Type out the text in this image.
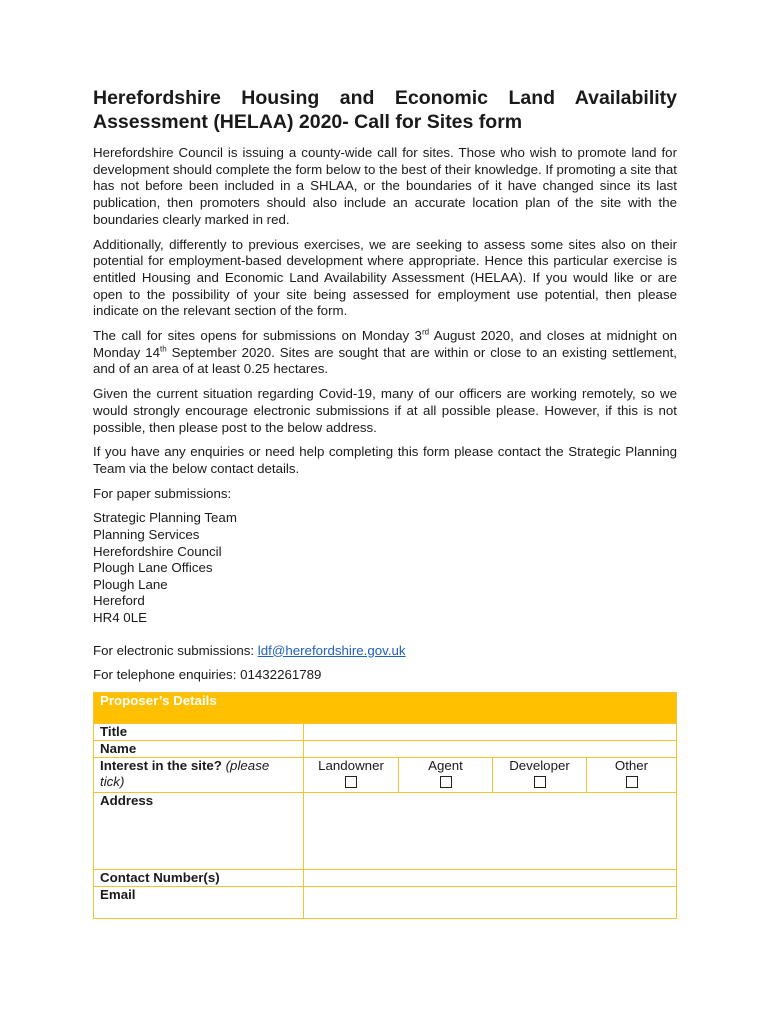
Herefordshire Housing and Economic Land Availability Assessment (HELAA) 2020- Call for Sites form

Herefordshire Council is issuing a county-wide call for sites. Those who wish to promote land for development should complete the form below to the best of their knowledge. If promoting a site that has not before been included in a SHLAA, or the boundaries of it have changed since its last publication, then promoters should also include an accurate location plan of the site with the boundaries clearly marked in red.

Additionally, differently to previous exercises, we are seeking to assess some sites also on their potential for employment-based development where appropriate. Hence this particular exercise is entitled Housing and Economic Land Availability Assessment (HELAA). If you would like or are open to the possibility of your site being assessed for employment use potential, then please indicate on the relevant section of the form.

The call for sites opens for submissions on Monday 3rd August 2020, and closes at midnight on Monday 14th September 2020. Sites are sought that are within or close to an existing settlement, and of an area of at least 0.25 hectares.

Given the current situation regarding Covid-19, many of our officers are working remotely, so we would strongly encourage electronic submissions if at all possible please. However, if this is not possible, then please post to the below address.

If you have any enquiries or need help completing this form please contact the Strategic Planning Team via the below contact details.

For paper submissions:

Strategic Planning Team
Planning Services
Herefordshire Council
Plough Lane Offices
Plough Lane
Hereford
HR4 0LE

For electronic submissions: ldf@herefordshire.gov.uk

For telephone enquiries: 01432261789

Proposer’s Details				
Title				
Name				
Interest in the site? (please tick)	Landowner	Agent	Developer	Other

Address				
Contact Number(s)				
Email				
